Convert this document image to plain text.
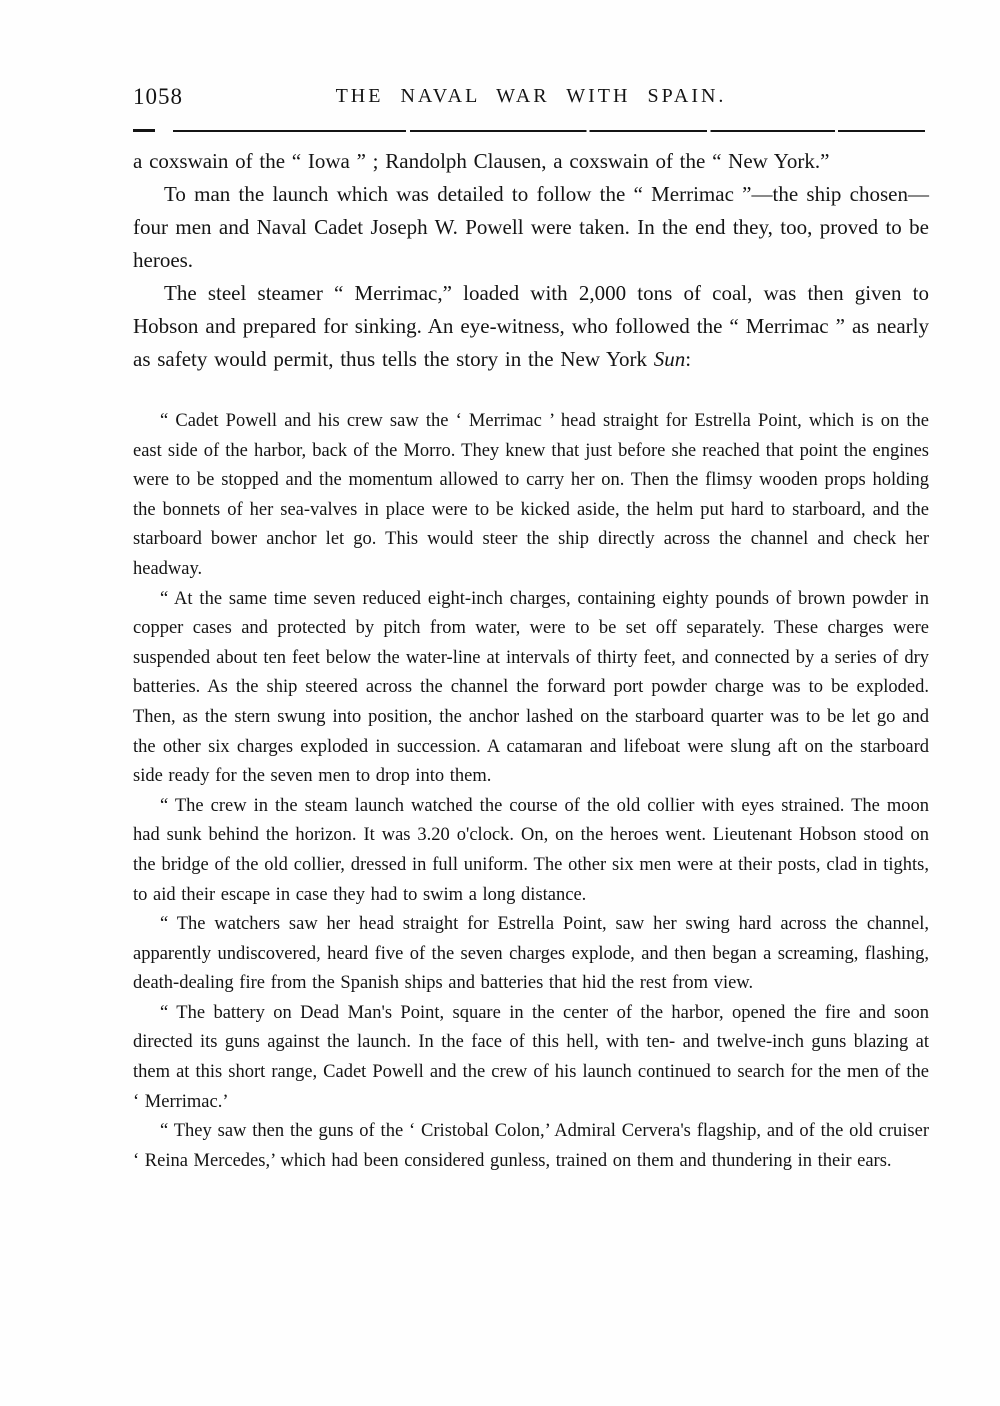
1058	THE NAVAL WAR WITH SPAIN.

a coxswain of the “ Iowa ” ; Randolph Clausen, a coxswain of the “ New York.”

To man the launch which was detailed to follow the “ Merrimac ”—the ship chosen—four men and Naval Cadet Joseph W. Powell were taken. In the end they, too, proved to be heroes.

The steel steamer “ Merrimac,” loaded with 2,000 tons of coal, was then given to Hobson and prepared for sinking. An eye-witness, who followed the “ Merrimac ” as nearly as safety would permit, thus tells the story in the New York Sun:

“ Cadet Powell and his crew saw the ‘ Merrimac ’ head straight for Estrella Point, which is on the east side of the harbor, back of the Morro. They knew that just before she reached that point the engines were to be stopped and the momentum allowed to carry her on. Then the flimsy wooden props holding the bonnets of her sea-valves in place were to be kicked aside, the helm put hard to starboard, and the starboard bower anchor let go. This would steer the ship directly across the channel and check her headway.

“ At the same time seven reduced eight-inch charges, containing eighty pounds of brown powder in copper cases and protected by pitch from water, were to be set off separately. These charges were suspended about ten feet below the water-line at intervals of thirty feet, and connected by a series of dry batteries. As the ship steered across the channel the forward port powder charge was to be exploded. Then, as the stern swung into position, the anchor lashed on the starboard quarter was to be let go and the other six charges exploded in succession. A catamaran and lifeboat were slung aft on the starboard side ready for the seven men to drop into them.

“ The crew in the steam launch watched the course of the old collier with eyes strained. The moon had sunk behind the horizon. It was 3.20 o'clock. On, on the heroes went. Lieutenant Hobson stood on the bridge of the old collier, dressed in full uniform. The other six men were at their posts, clad in tights, to aid their escape in case they had to swim a long distance.

“ The watchers saw her head straight for Estrella Point, saw her swing hard across the channel, apparently undiscovered, heard five of the seven charges explode, and then began a screaming, flashing, death-dealing fire from the Spanish ships and batteries that hid the rest from view.

“ The battery on Dead Man's Point, square in the center of the harbor, opened the fire and soon directed its guns against the launch. In the face of this hell, with ten- and twelve-inch guns blazing at them at this short range, Cadet Powell and the crew of his launch continued to search for the men of the ‘ Merrimac.’

“ They saw then the guns of the ‘ Cristobal Colon,’ Admiral Cervera's flagship, and of the old cruiser ‘ Reina Mercedes,’ which had been considered gunless, trained on them and thundering in their ears.
